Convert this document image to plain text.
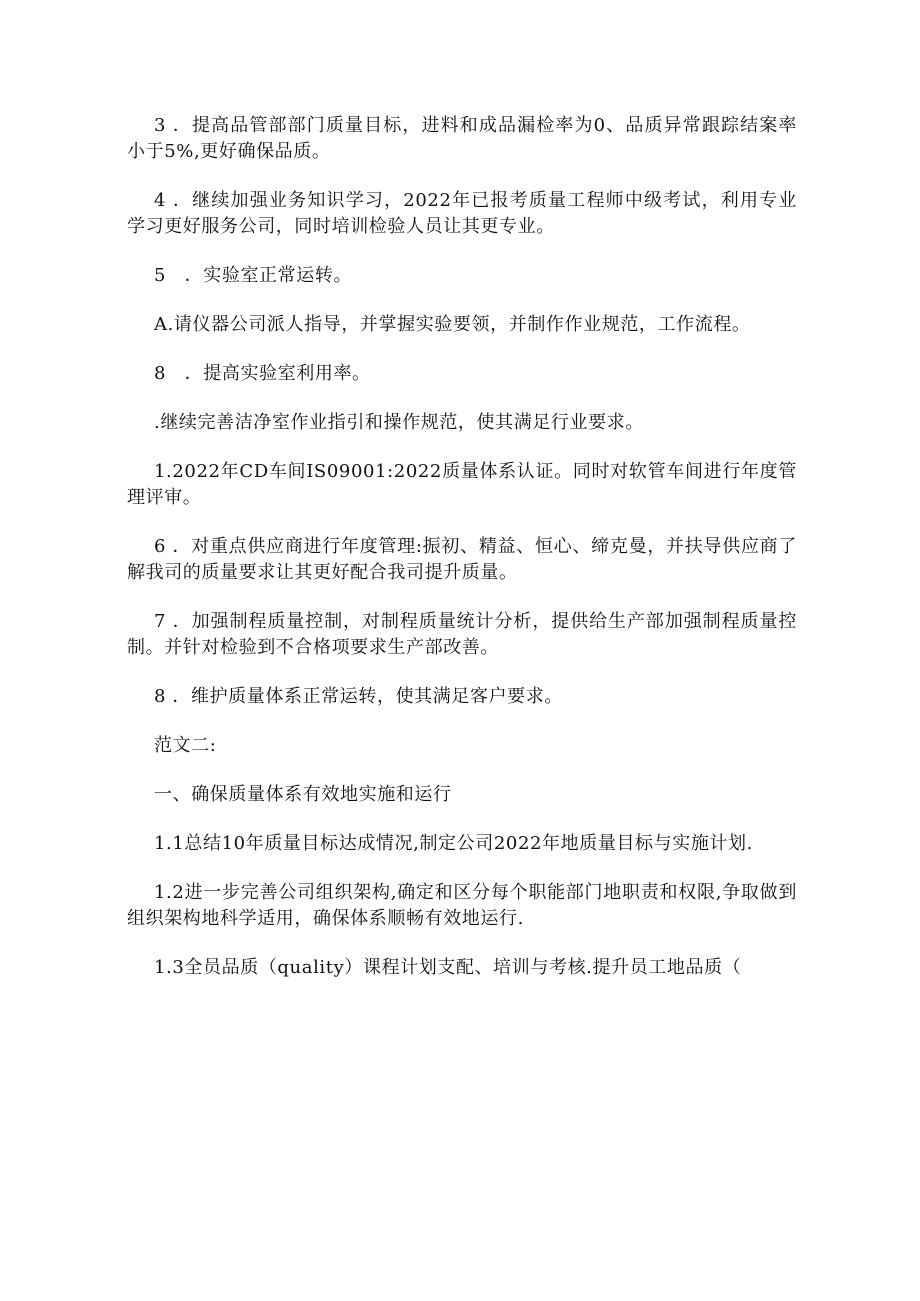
3 ．提高品管部部门质量目标，进料和成品漏检率为0、品质异常跟踪结案率小于5%,更好确保品质。

4 ．继续加强业务知识学习，2022年已报考质量工程师中级考试，利用专业学习更好服务公司，同时培训检验人员让其更专业。

5　．实验室正常运转。

A.请仪器公司派人指导，并掌握实验要领，并制作作业规范，工作流程。

8　．提高实验室利用率。

.继续完善洁净室作业指引和操作规范，使其满足行业要求。

1.2022年CD车间IS09001:2022质量体系认证。同时对软管车间进行年度管理评审。

6 ．对重点供应商进行年度管理:振初、精益、恒心、缔克曼，并扶导供应商了解我司的质量要求让其更好配合我司提升质量。

7 ．加强制程质量控制，对制程质量统计分析，提供给生产部加强制程质量控制。并针对检验到不合格项要求生产部改善。

8 ．维护质量体系正常运转，使其满足客户要求。

范文二:

一、确保质量体系有效地实施和运行

1.1总结10年质量目标达成情况,制定公司2022年地质量目标与实施计划.

1.2进一步完善公司组织架构,确定和区分每个职能部门地职责和权限,争取做到组织架构地科学适用，确保体系顺畅有效地运行.

1.3全员品质（quality）课程计划支配、培训与考核.提升员工地品质（
